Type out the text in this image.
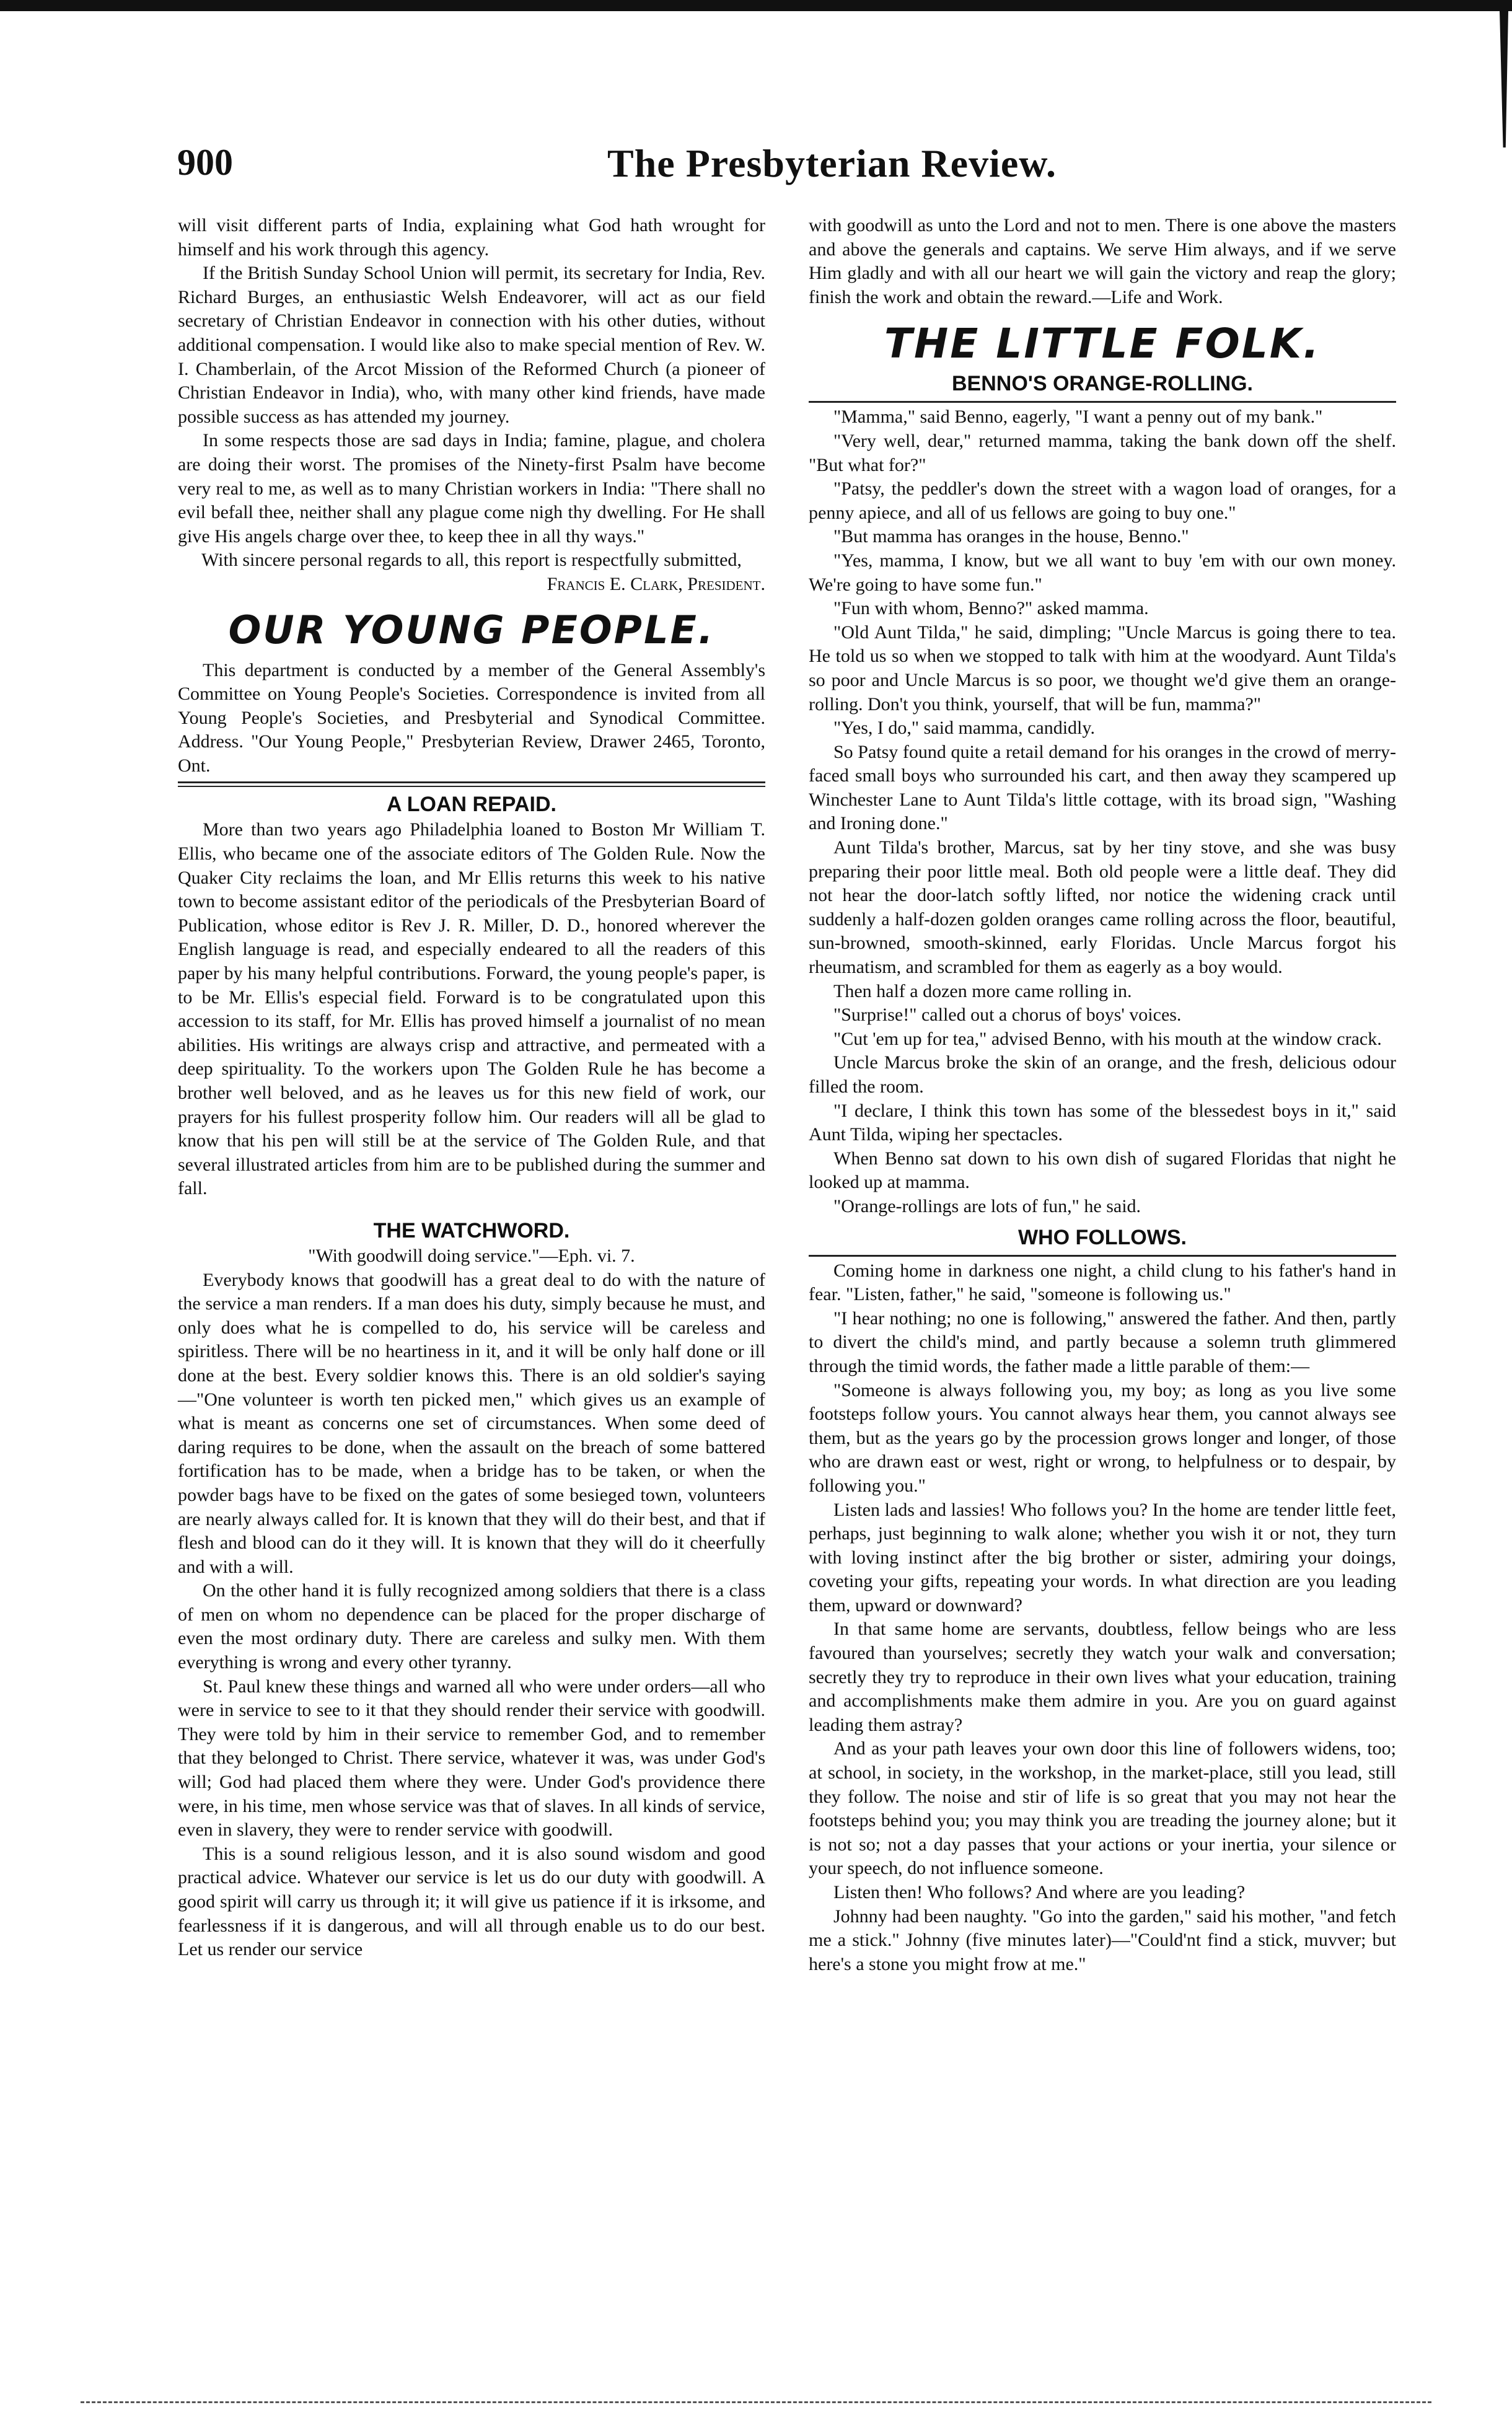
900	The Presbyterian Review.

will visit different parts of India, explaining what God hath wrought for himself and his work through this agency.

If the British Sunday School Union will permit, its secretary for India, Rev. Richard Burges, an enthusiastic Welsh Endeavorer, will act as our field secretary of Christian Endeavor in connection with his other duties, without additional compensation. I would like also to make special mention of Rev. W. I. Chamberlain, of the Arcot Mission of the Reformed Church (a pioneer of Christian Endeavor in India), who, with many other kind friends, have made possible success as has attended my journey.

In some respects those are sad days in India; famine, plague, and cholera are doing their worst. The promises of the Ninety-first Psalm have become very real to me, as well as to many Christian workers in India: "There shall no evil befall thee, neither shall any plague come nigh thy dwelling. For He shall give His angels charge over thee, to keep thee in all thy ways."

With sincere personal regards to all, this report is respectfully submitted,

Francis E. Clark, President.

OUR YOUNG PEOPLE.

This department is conducted by a member of the General Assembly's Committee on Young People's Societies. Correspondence is invited from all Young People's Societies, and Presbyterial and Synodical Committee. Address. "Our Young People," Presbyterian Review, Drawer 2465, Toronto, Ont.

A LOAN REPAID.

More than two years ago Philadelphia loaned to Boston Mr William T. Ellis, who became one of the associate editors of The Golden Rule. Now the Quaker City reclaims the loan, and Mr Ellis returns this week to his native town to become assistant editor of the periodicals of the Presbyterian Board of Publication, whose editor is Rev J. R. Miller, D. D., honored wherever the English language is read, and especially endeared to all the readers of this paper by his many helpful contributions. Forward, the young people's paper, is to be Mr. Ellis's especial field. Forward is to be congratulated upon this accession to its staff, for Mr. Ellis has proved himself a journalist of no mean abilities. His writings are always crisp and attractive, and permeated with a deep spirituality. To the workers upon The Golden Rule he has become a brother well beloved, and as he leaves us for this new field of work, our prayers for his fullest prosperity follow him. Our readers will all be glad to know that his pen will still be at the service of The Golden Rule, and that several illustrated articles from him are to be published during the summer and fall.

THE WATCHWORD.

"With goodwill doing service."—Eph. vi. 7.

Everybody knows that goodwill has a great deal to do with the nature of the service a man renders. If a man does his duty, simply because he must, and only does what he is compelled to do, his service will be careless and spiritless. There will be no heartiness in it, and it will be only half done or ill done at the best. Every soldier knows this. There is an old soldier's saying—"One volunteer is worth ten picked men," which gives us an example of what is meant as concerns one set of circumstances. When some deed of daring requires to be done, when the assault on the breach of some battered fortification has to be made, when a bridge has to be taken, or when the powder bags have to be fixed on the gates of some besieged town, volunteers are nearly always called for. It is known that they will do their best, and that if flesh and blood can do it they will. It is known that they will do it cheerfully and with a will.

On the other hand it is fully recognized among soldiers that there is a class of men on whom no dependence can be placed for the proper discharge of even the most ordinary duty. There are careless and sulky men. With them everything is wrong and every other tyranny.

St. Paul knew these things and warned all who were under orders—all who were in service to see to it that they should render their service with goodwill. They were told by him in their service to remember God, and to remember that they belonged to Christ. There service, whatever it was, was under God's will; God had placed them where they were. Under God's providence there were, in his time, men whose service was that of slaves. In all kinds of service, even in slavery, they were to render service with goodwill.

This is a sound religious lesson, and it is also sound wisdom and good practical advice. Whatever our service is let us do our duty with goodwill. A good spirit will carry us through it; it will give us patience if it is irksome, and fearlessness if it is dangerous, and will all through enable us to do our best. Let us render our service

with goodwill as unto the Lord and not to men. There is one above the masters and above the generals and captains. We serve Him always, and if we serve Him gladly and with all our heart we will gain the victory and reap the glory; finish the work and obtain the reward.—Life and Work.

THE LITTLE FOLK.
BENNO'S ORANGE-ROLLING.

"Mamma," said Benno, eagerly, "I want a penny out of my bank."

"Very well, dear," returned mamma, taking the bank down off the shelf. "But what for?"

"Patsy, the peddler's down the street with a wagon load of oranges, for a penny apiece, and all of us fellows are going to buy one."

"But mamma has oranges in the house, Benno."

"Yes, mamma, I know, but we all want to buy 'em with our own money. We're going to have some fun."

"Fun with whom, Benno?" asked mamma.

"Old Aunt Tilda," he said, dimpling; "Uncle Marcus is going there to tea. He told us so when we stopped to talk with him at the woodyard. Aunt Tilda's so poor and Uncle Marcus is so poor, we thought we'd give them an orange-rolling. Don't you think, yourself, that will be fun, mamma?"

"Yes, I do," said mamma, candidly.

So Patsy found quite a retail demand for his oranges in the crowd of merry-faced small boys who surrounded his cart, and then away they scampered up Winchester Lane to Aunt Tilda's little cottage, with its broad sign, "Washing and Ironing done."

Aunt Tilda's brother, Marcus, sat by her tiny stove, and she was busy preparing their poor little meal. Both old people were a little deaf. They did not hear the door-latch softly lifted, nor notice the widening crack until suddenly a half-dozen golden oranges came rolling across the floor, beautiful, sun-browned, smooth-skinned, early Floridas. Uncle Marcus forgot his rheumatism, and scrambled for them as eagerly as a boy would.

Then half a dozen more came rolling in.

"Surprise!" called out a chorus of boys' voices.

"Cut 'em up for tea," advised Benno, with his mouth at the window crack.

Uncle Marcus broke the skin of an orange, and the fresh, delicious odour filled the room.

"I declare, I think this town has some of the blessedest boys in it," said Aunt Tilda, wiping her spectacles.

When Benno sat down to his own dish of sugared Floridas that night he looked up at mamma.

"Orange-rollings are lots of fun," he said.

WHO FOLLOWS.

Coming home in darkness one night, a child clung to his father's hand in fear. "Listen, father," he said, "someone is following us."

"I hear nothing; no one is following," answered the father. And then, partly to divert the child's mind, and partly because a solemn truth glimmered through the timid words, the father made a little parable of them:—

"Someone is always following you, my boy; as long as you live some footsteps follow yours. You cannot always hear them, you cannot always see them, but as the years go by the procession grows longer and longer, of those who are drawn east or west, right or wrong, to helpfulness or to despair, by following you."

Listen lads and lassies! Who follows you? In the home are tender little feet, perhaps, just beginning to walk alone; whether you wish it or not, they turn with loving instinct after the big brother or sister, admiring your doings, coveting your gifts, repeating your words. In what direction are you leading them, upward or downward?

In that same home are servants, doubtless, fellow beings who are less favoured than yourselves; secretly they watch your walk and conversation; secretly they try to reproduce in their own lives what your education, training and accomplishments make them admire in you. Are you on guard against leading them astray?

And as your path leaves your own door this line of followers widens, too; at school, in society, in the workshop, in the market-place, still you lead, still they follow. The noise and stir of life is so great that you may not hear the footsteps behind you; you may think you are treading the journey alone; but it is not so; not a day passes that your actions or your inertia, your silence or your speech, do not influence someone.

Listen then! Who follows? And where are you leading?

Johnny had been naughty. "Go into the garden," said his mother, "and fetch me a stick." Johnny (five minutes later)—"Could'nt find a stick, muvver; but here's a stone you might frow at me."
